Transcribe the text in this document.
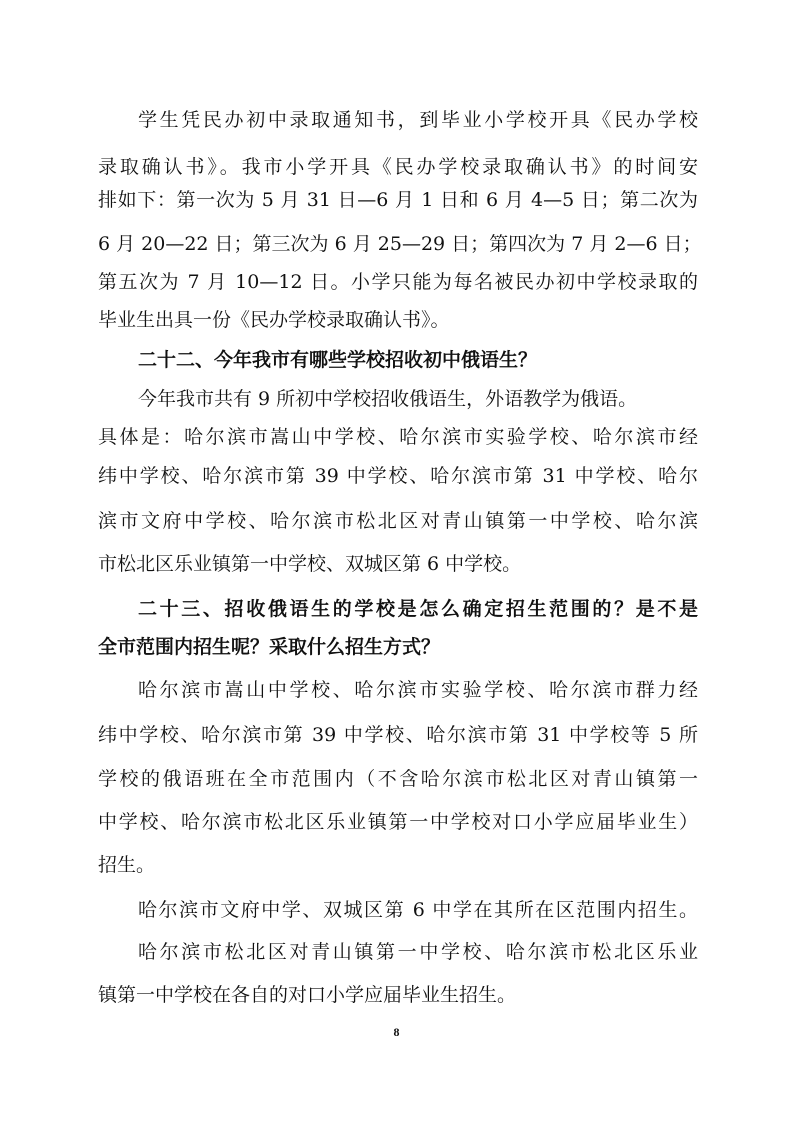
学生凭民办初中录取通知书，到毕业小学校开具《民办学校
录取确认书》。我市小学开具《民办学校录取确认书》的时间安
排如下：第一次为 5 月 31 日—6 月 1 日和 6 月 4—5 日；第二次为
6 月 20—22 日；第三次为 6 月 25—29 日；第四次为 7 月 2—6 日；
第五次为 7 月 10—12 日。小学只能为每名被民办初中学校录取的
毕业生出具一份《民办学校录取确认书》。
二十二、今年我市有哪些学校招收初中俄语生？
今年我市共有 9 所初中学校招收俄语生，外语教学为俄语。
具体是：哈尔滨市嵩山中学校、哈尔滨市实验学校、哈尔滨市经
纬中学校、哈尔滨市第 39 中学校、哈尔滨市第 31 中学校、哈尔
滨市文府中学校、哈尔滨市松北区对青山镇第一中学校、哈尔滨
市松北区乐业镇第一中学校、双城区第 6 中学校。
二十三、招收俄语生的学校是怎么确定招生范围的？是不是
全市范围内招生呢？采取什么招生方式？
哈尔滨市嵩山中学校、哈尔滨市实验学校、哈尔滨市群力经
纬中学校、哈尔滨市第 39 中学校、哈尔滨市第 31 中学校等 5 所
学校的俄语班在全市范围内（不含哈尔滨市松北区对青山镇第一
中学校、哈尔滨市松北区乐业镇第一中学校对口小学应届毕业生）
招生。
哈尔滨市文府中学、双城区第 6 中学在其所在区范围内招生。
哈尔滨市松北区对青山镇第一中学校、哈尔滨市松北区乐业
镇第一中学校在各自的对口小学应届毕业生招生。
8
